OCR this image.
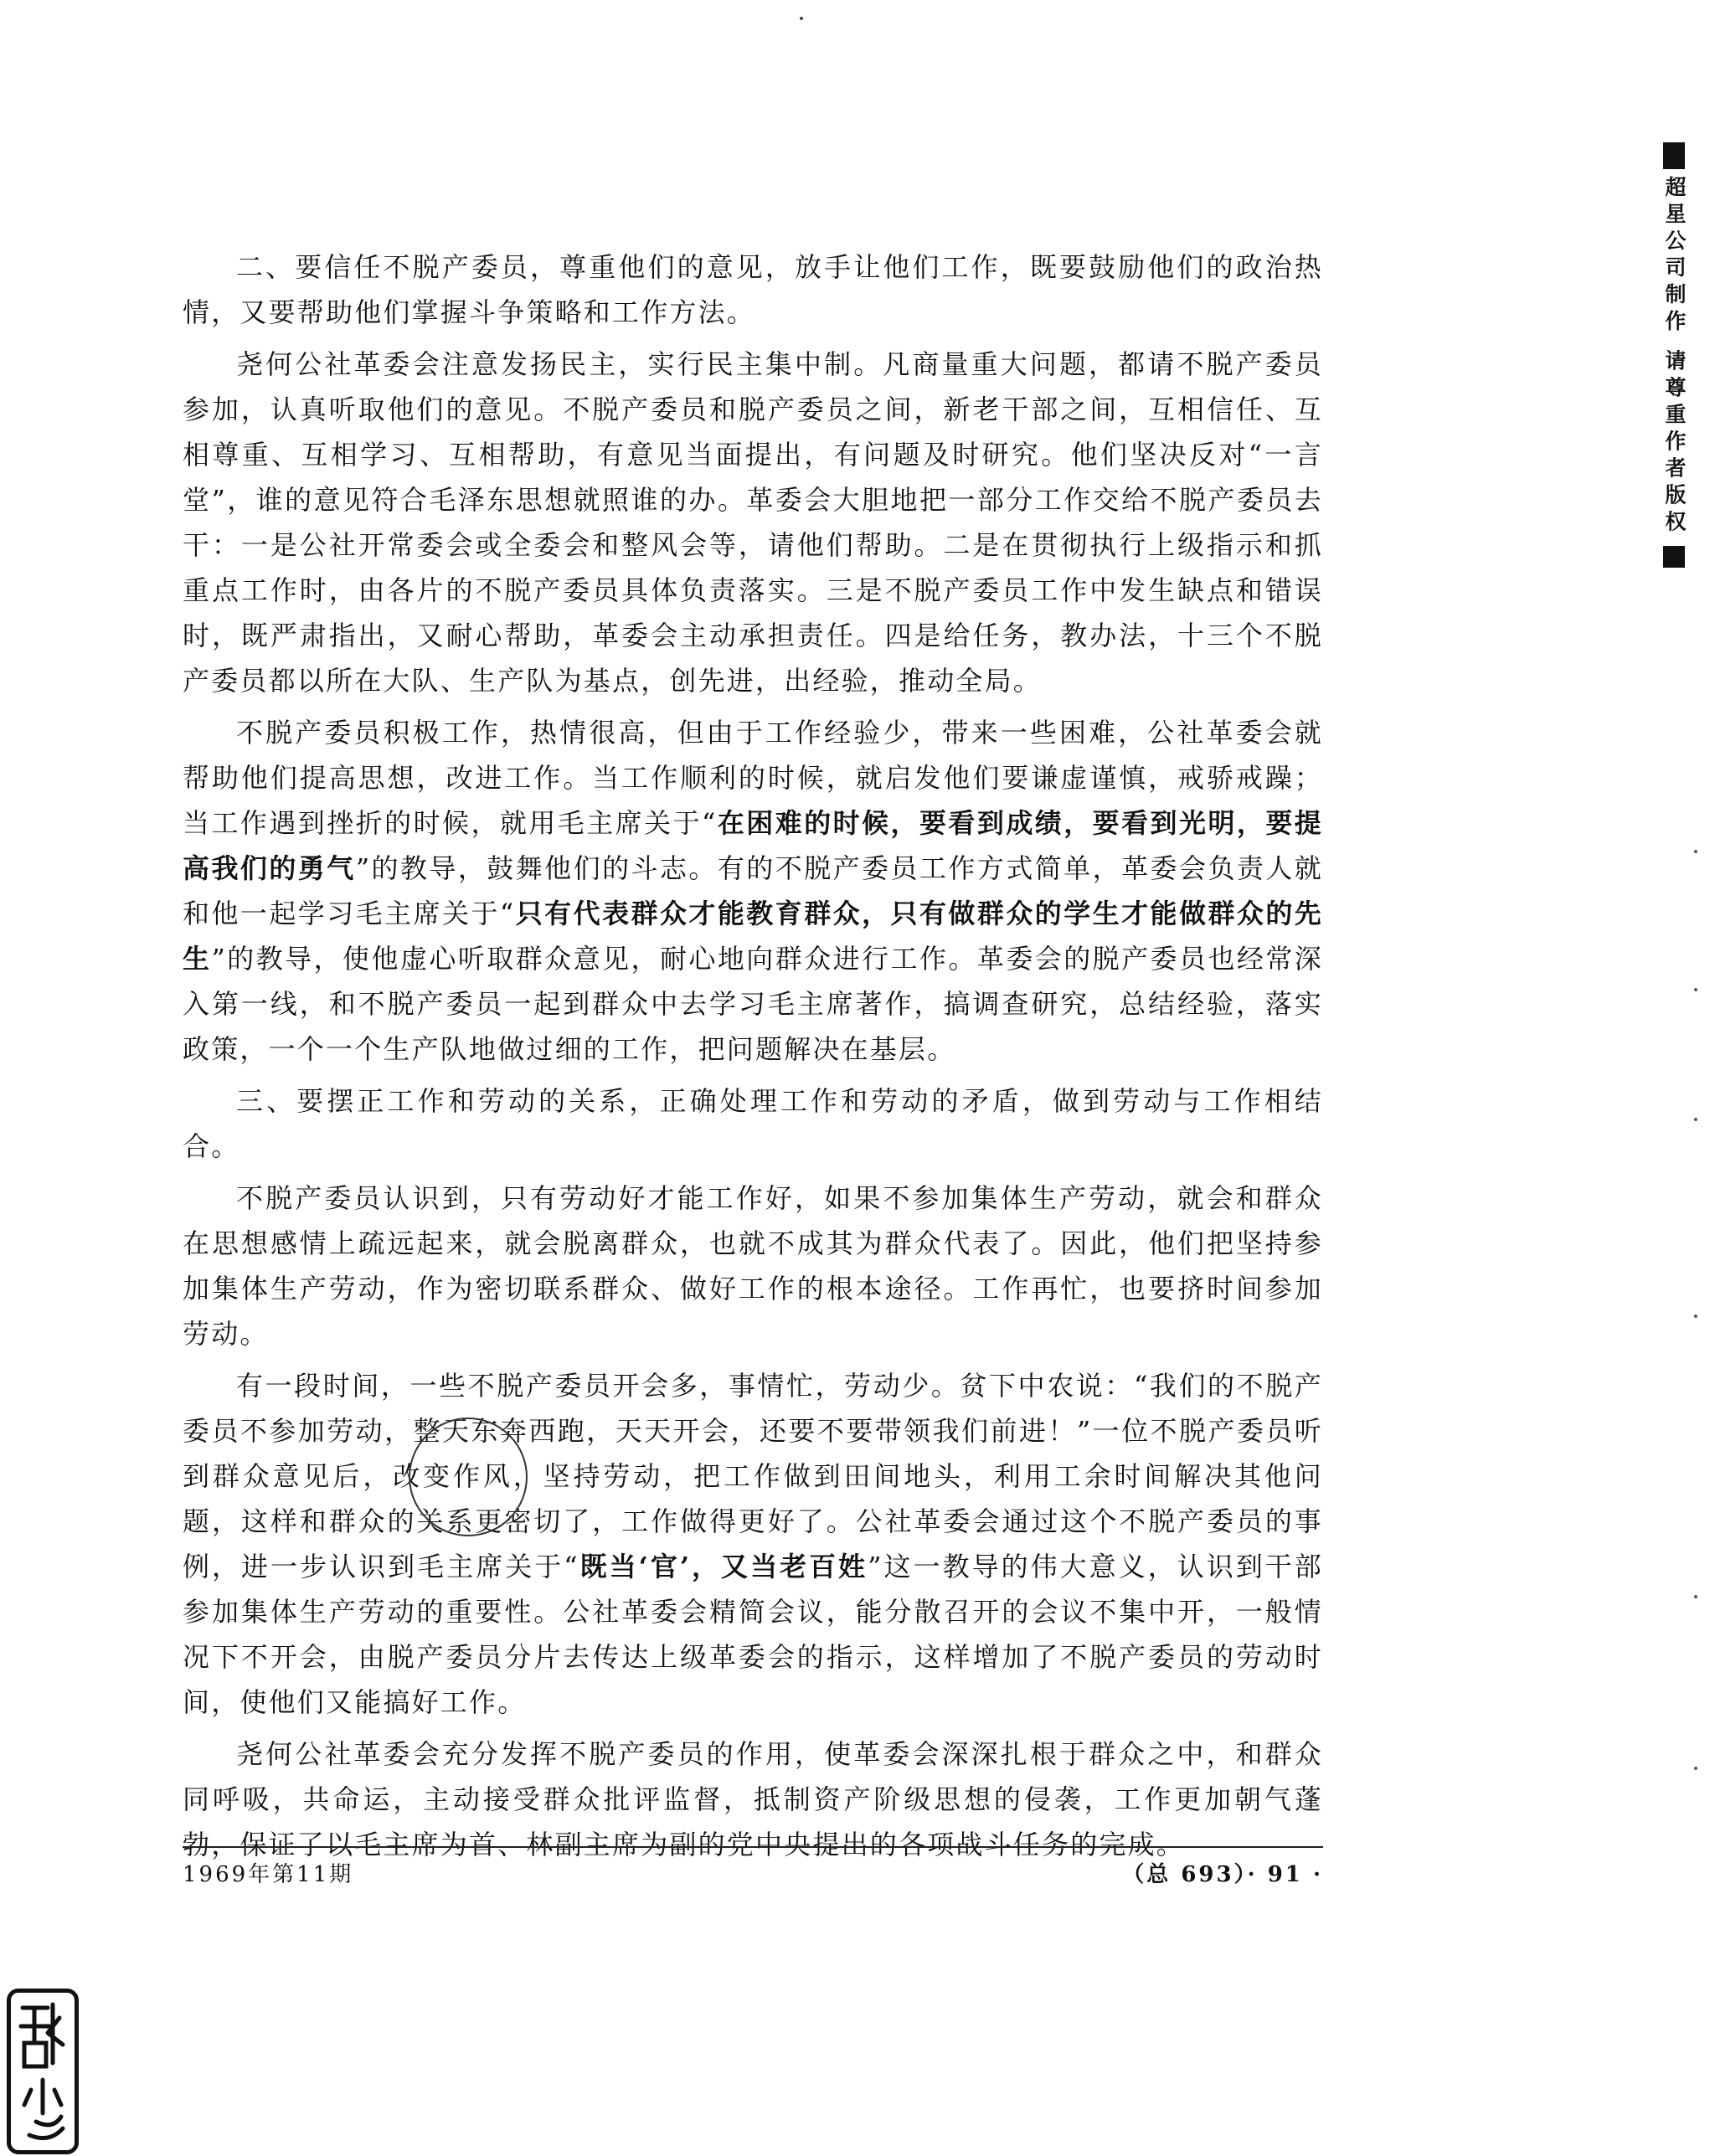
二、要信任不脱产委员，尊重他们的意见，放手让他们工作，既要鼓励他们的政治热情，又要帮助他们掌握斗争策略和工作方法。

尧何公社革委会注意发扬民主，实行民主集中制。凡商量重大问题，都请不脱产委员参加，认真听取他们的意见。不脱产委员和脱产委员之间，新老干部之间，互相信任、互相尊重、互相学习、互相帮助，有意见当面提出，有问题及时研究。他们坚决反对“一言堂”，谁的意见符合毛泽东思想就照谁的办。革委会大胆地把一部分工作交给不脱产委员去干：一是公社开常委会或全委会和整风会等，请他们帮助。二是在贯彻执行上级指示和抓重点工作时，由各片的不脱产委员具体负责落实。三是不脱产委员工作中发生缺点和错误时，既严肃指出，又耐心帮助，革委会主动承担责任。四是给任务，教办法，十三个不脱产委员都以所在大队、生产队为基点，创先进，出经验，推动全局。

不脱产委员积极工作，热情很高，但由于工作经验少，带来一些困难，公社革委会就帮助他们提高思想，改进工作。当工作顺利的时候，就启发他们要谦虚谨慎，戒骄戒躁；当工作遇到挫折的时候，就用毛主席关于“在困难的时候，要看到成绩，要看到光明，要提高我们的勇气”的教导，鼓舞他们的斗志。有的不脱产委员工作方式简单，革委会负责人就和他一起学习毛主席关于“只有代表群众才能教育群众，只有做群众的学生才能做群众的先生”的教导，使他虚心听取群众意见，耐心地向群众进行工作。革委会的脱产委员也经常深入第一线，和不脱产委员一起到群众中去学习毛主席著作，搞调查研究，总结经验，落实政策，一个一个生产队地做过细的工作，把问题解决在基层。

三、要摆正工作和劳动的关系，正确处理工作和劳动的矛盾，做到劳动与工作相结合。

不脱产委员认识到，只有劳动好才能工作好，如果不参加集体生产劳动，就会和群众在思想感情上疏远起来，就会脱离群众，也就不成其为群众代表了。因此，他们把坚持参加集体生产劳动，作为密切联系群众、做好工作的根本途径。工作再忙，也要挤时间参加劳动。

有一段时间，一些不脱产委员开会多，事情忙，劳动少。贫下中农说：“我们的不脱产委员不参加劳动，整天东奔西跑，天天开会，还要不要带领我们前进！”一位不脱产委员听到群众意见后，改变作风，坚持劳动，把工作做到田间地头，利用工余时间解决其他问题，这样和群众的关系更密切了，工作做得更好了。公社革委会通过这个不脱产委员的事例，进一步认识到毛主席关于“既当‘官’，又当老百姓”这一教导的伟大意义，认识到干部参加集体生产劳动的重要性。公社革委会精简会议，能分散召开的会议不集中开，一般情况下不开会，由脱产委员分片去传达上级革委会的指示，这样增加了不脱产委员的劳动时间，使他们又能搞好工作。

尧何公社革委会充分发挥不脱产委员的作用，使革委会深深扎根于群众之中，和群众同呼吸，共命运，主动接受群众批评监督，抵制资产阶级思想的侵袭，工作更加朝气蓬勃，保证了以毛主席为首、林副主席为副的党中央提出的各项战斗任务的完成。

1969年第11期	（总 693）· 91 ·
超星公司制作 请尊重作者版权
